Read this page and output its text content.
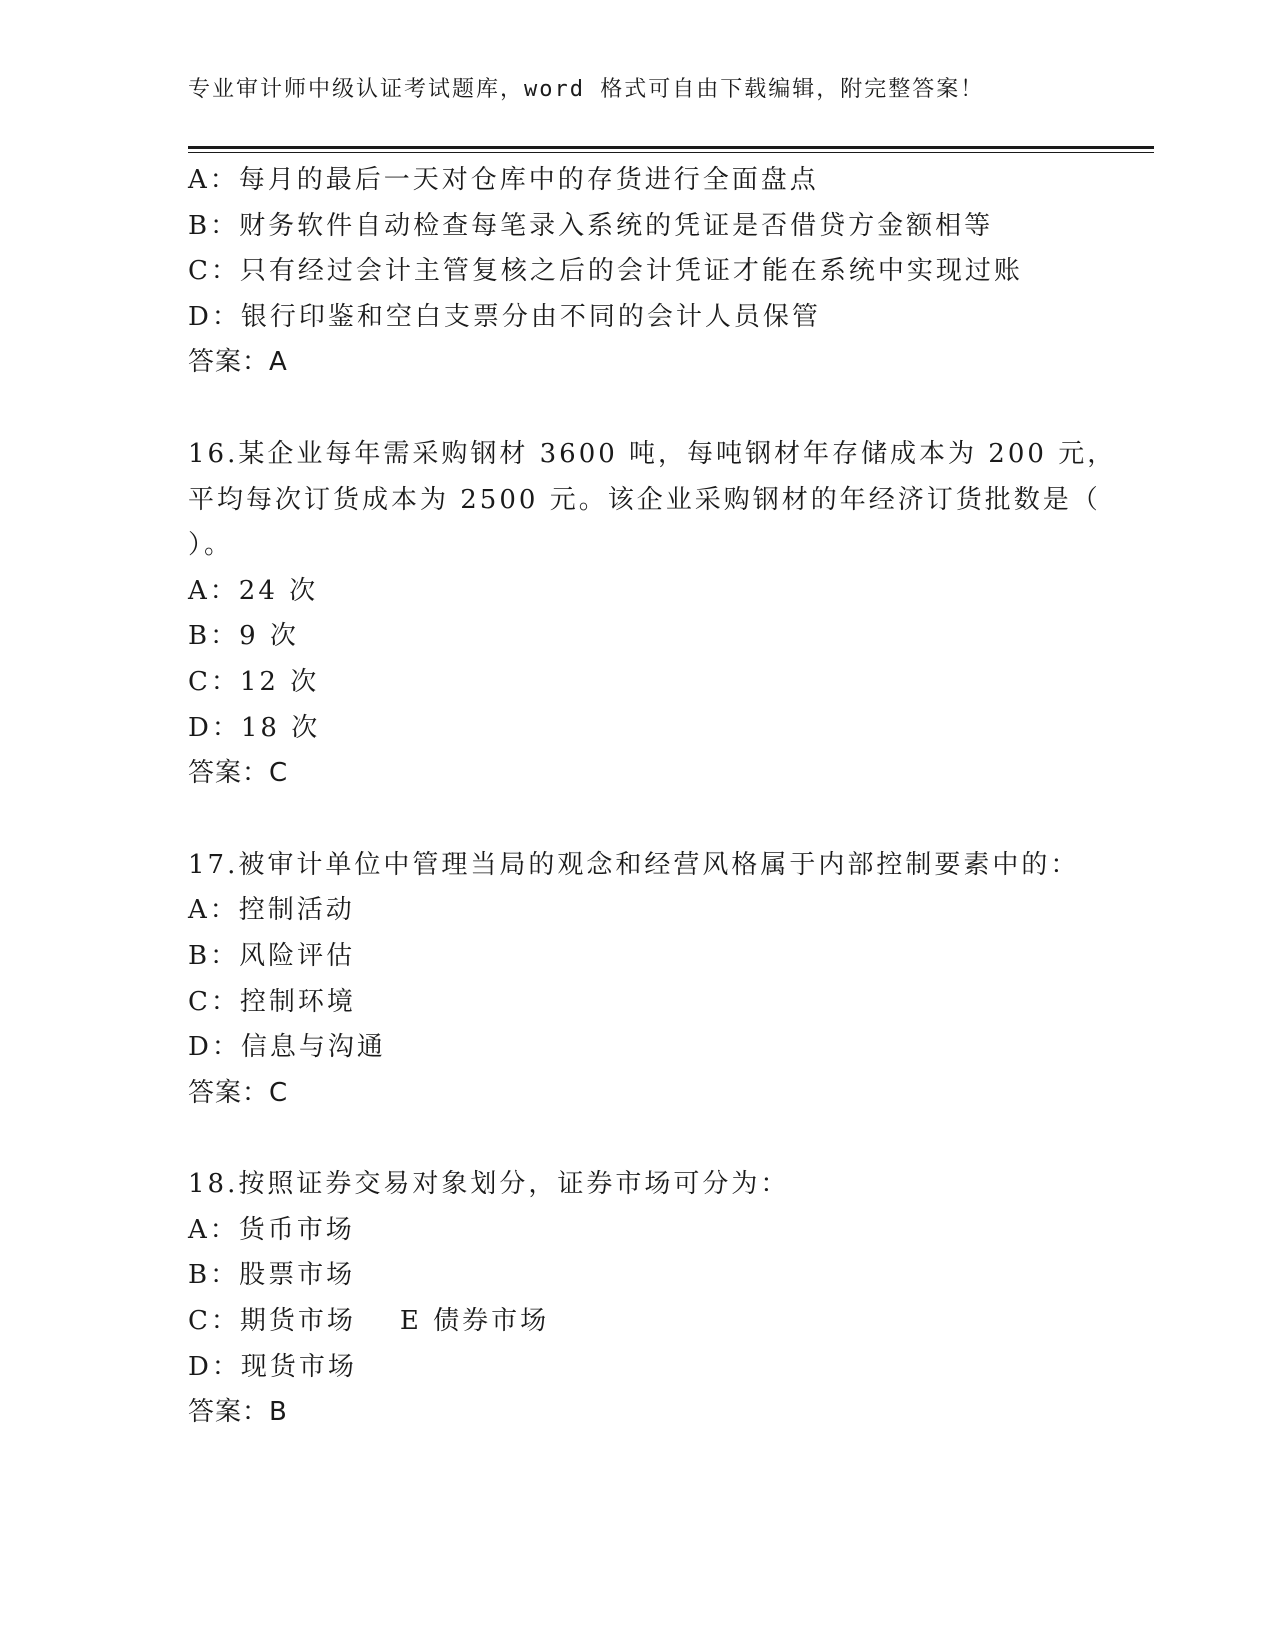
专业审计师中级认证考试题库，word 格式可自由下载编辑，附完整答案！
A：每月的最后一天对仓库中的存货进行全面盘点
B：财务软件自动检查每笔录入系统的凭证是否借贷方金额相等
C：只有经过会计主管复核之后的会计凭证才能在系统中实现过账
D：银行印鉴和空白支票分由不同的会计人员保管
答案：A
16.某企业每年需采购钢材 3600 吨，每吨钢材年存储成本为 200 元，
平均每次订货成本为 2500 元。该企业采购钢材的年经济订货批数是（
）。
A：24 次
B：9 次
C：12 次
D：18 次
答案：C
17.被审计单位中管理当局的观念和经营风格属于内部控制要素中的：
A：控制活动
B：风险评估
C：控制环境
D：信息与沟通
答案：C
18.按照证券交易对象划分，证券市场可分为：
A：货币市场
B：股票市场
C：期货市场 E 债券市场
D：现货市场
答案：B
